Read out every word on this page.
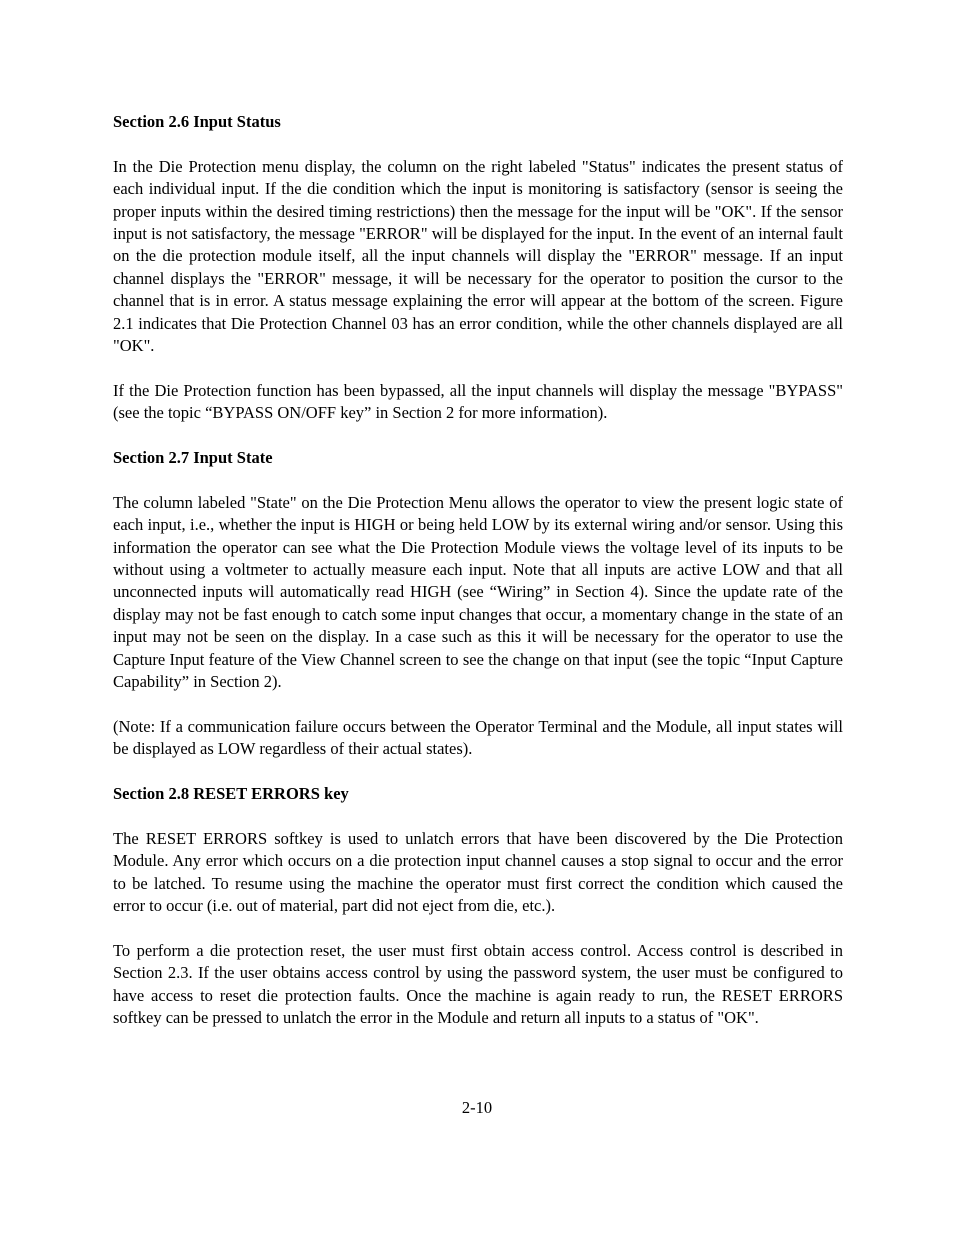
Section 2.6 Input Status

In the Die Protection menu display, the column on the right labeled "Status" indicates the present status of each individual input. If the die condition which the input is monitoring is satisfactory (sensor is seeing the proper inputs within the desired timing restrictions) then the message for the input will be "OK". If the sensor input is not satisfactory, the message "ERROR" will be displayed for the input. In the event of an internal fault on the die protection module itself, all the input channels will display the "ERROR" message. If an input channel displays the "ERROR" message, it will be necessary for the operator to position the cursor to the channel that is in error. A status message explaining the error will appear at the bottom of the screen. Figure 2.1 indicates that Die Protection Channel 03 has an error condition, while the other channels displayed are all "OK".

If the Die Protection function has been bypassed, all the input channels will display the message "BYPASS" (see the topic “BYPASS ON/OFF key” in Section 2 for more information).

Section 2.7 Input State

The column labeled "State" on the Die Protection Menu allows the operator to view the present logic state of each input, i.e., whether the input is HIGH or being held LOW by its external wiring and/or sensor. Using this information the operator can see what the Die Protection Module views the voltage level of its inputs to be without using a voltmeter to actually measure each input. Note that all inputs are active LOW and that all unconnected inputs will automatically read HIGH (see “Wiring” in Section 4). Since the update rate of the display may not be fast enough to catch some input changes that occur, a momentary change in the state of an input may not be seen on the display. In a case such as this it will be necessary for the operator to use the Capture Input feature of the View Channel screen to see the change on that input (see the topic “Input Capture Capability” in Section 2).

(Note: If a communication failure occurs between the Operator Terminal and the Module, all input states will be displayed as LOW regardless of their actual states).

Section 2.8 RESET ERRORS key

The RESET ERRORS softkey is used to unlatch errors that have been discovered by the Die Protection Module. Any error which occurs on a die protection input channel causes a stop signal to occur and the error to be latched. To resume using the machine the operator must first correct the condition which caused the error to occur (i.e. out of material, part did not eject from die, etc.).

To perform a die protection reset, the user must first obtain access control. Access control is described in Section 2.3. If the user obtains access control by using the password system, the user must be configured to have access to reset die protection faults. Once the machine is again ready to run, the RESET ERRORS softkey can be pressed to unlatch the error in the Module and return all inputs to a status of "OK".

2-10
